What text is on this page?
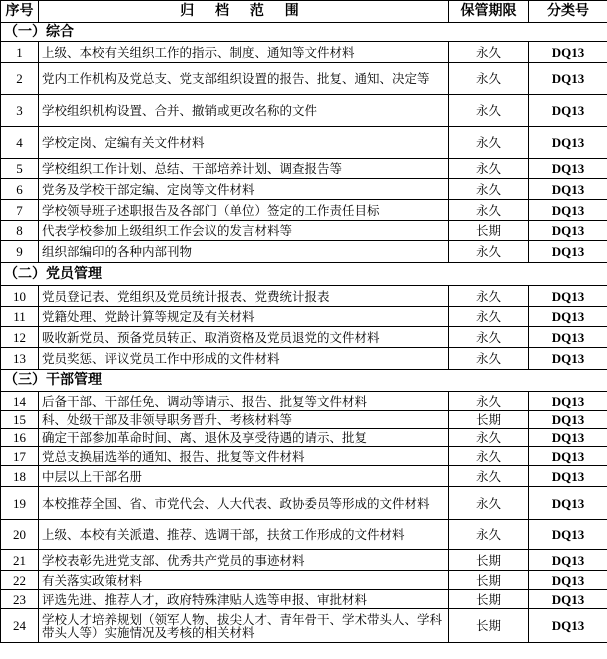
序号	归 档 范 围	保管期限	分类号
（一）综合			
1	上级、本校有关组织工作的指示、制度、通知等文件材料	永久	DQ13
2	党内工作机构及党总支、党支部组织设置的报告、批复、通知、决定等	永久	DQ13
3	学校组织机构设置、合并、撤销或更改名称的文件	永久	DQ13
4	学校定岗、定编有关文件材料	永久	DQ13
5	学校组织工作计划、总结、干部培养计划、调查报告等	永久	DQ13
6	党务及学校干部定编、定岗等文件材料	永久	DQ13
7	学校领导班子述职报告及各部门（单位）签定的工作责任目标	永久	DQ13
8	代表学校参加上级组织工作会议的发言材料等	长期	DQ13
9	组织部编印的各种内部刊物	永久	DQ13
（二）党员管理			
10	党员登记表、党组织及党员统计报表、党费统计报表	永久	DQ13
11	党籍处理、党龄计算等规定及有关材料	永久	DQ13
12	吸收新党员、预备党员转正、取消资格及党员退党的文件材料	永久	DQ13
13	党员奖惩、评议党员工作中形成的文件材料	永久	DQ13
（三）干部管理			
14	后备干部、干部任免、调动等请示、报告、批复等文件材料	永久	DQ13
15	科、处级干部及非领导职务晋升、考核材料等	长期	DQ13
16	确定干部参加革命时间、离、退休及享受待遇的请示、批复	永久	DQ13
17	党总支换届选举的通知、报告、批复等文件材料	永久	DQ13
18	中层以上干部名册	永久	DQ13
19	本校推荐全国、省、市党代会、人大代表、政协委员等形成的文件材料	永久	DQ13
20	上级、本校有关派遣、推荐、选调干部，扶贫工作形成的文件材料	永久	DQ13
21	学校表彰先进党支部、优秀共产党员的事迹材料	长期	DQ13
22	有关落实政策材料	长期	DQ13
23	评选先进、推荐人才，政府特殊津贴人选等申报、审批材料	长期	DQ13
24	学校人才培养规划（领军人物、拔尖人才、青年骨干、学术带头人、学科带头人等）实施情况及考核的相关材料	长期	DQ13
